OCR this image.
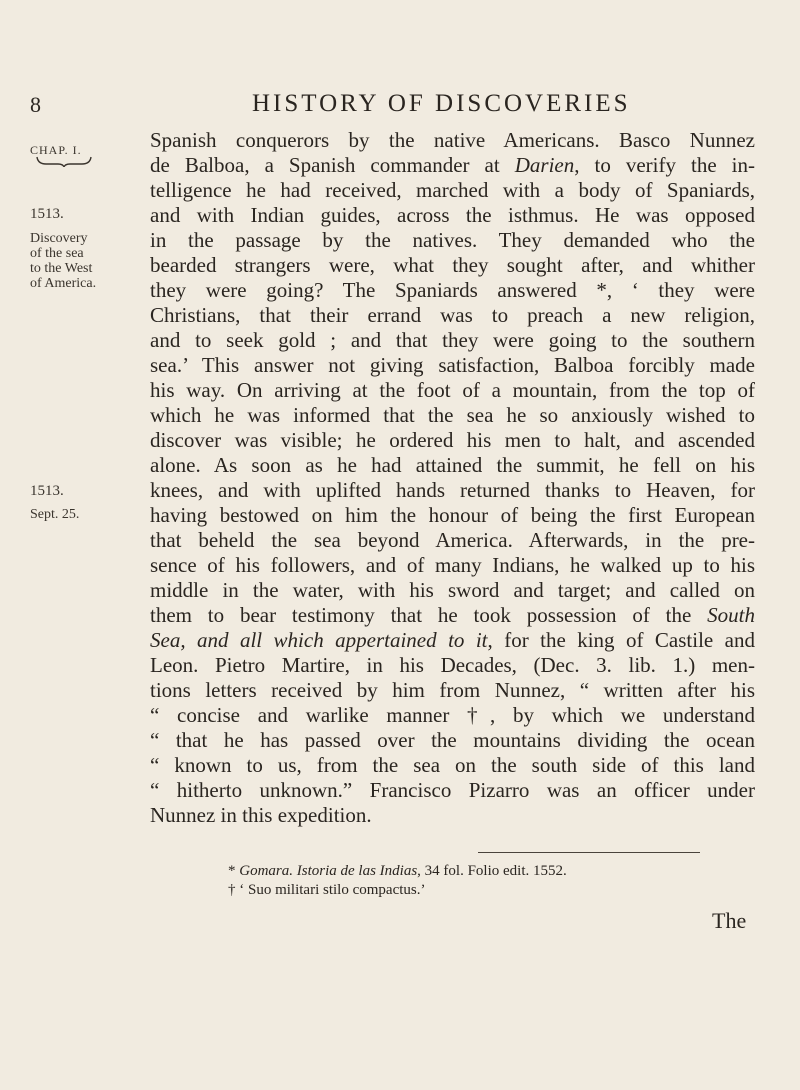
8	HISTORY OF DISCOVERIES
CHAP. I.
1513.
Discovery
of the sea
to the West
of America.
1513.
Sept. 25.

Spanish conquerors by the native Americans. Basco Nunnez
de Balboa, a Spanish commander at Darien, to verify the in-
telligence he had received, marched with a body of Spaniards,
and with Indian guides, across the isthmus. He was opposed
in the passage by the natives. They demanded who the
bearded strangers were, what they sought after, and whither
they were going? The Spaniards answered *, ‘ they were
Christians, that their errand was to preach a new religion,
and to seek gold ; and that they were going to the southern
sea.’ This answer not giving satisfaction, Balboa forcibly made
his way. On arriving at the foot of a mountain, from the top of
which he was informed that the sea he so anxiously wished to
discover was visible; he ordered his men to halt, and ascended
alone. As soon as he had attained the summit, he fell on his
knees, and with uplifted hands returned thanks to Heaven, for
having bestowed on him the honour of being the first European
that beheld the sea beyond America. Afterwards, in the pre-
sence of his followers, and of many Indians, he walked up to his
middle in the water, with his sword and target; and called on
them to bear testimony that he took possession of the South
Sea, and all which appertained to it, for the king of Castile and
Leon. Pietro Martire, in his Decades, (Dec. 3. lib. 1.) men-
tions letters received by him from Nunnez, “ written after his
“ concise and warlike manner †, by which we understand
“ that he has passed over the mountains dividing the ocean
“ known to us, from the sea on the south side of this land
“ hitherto unknown.” Francisco Pizarro was an officer under
Nunnez in this expedition.

* Gomara. Istoria de las Indias, 34 fol. Folio edit. 1552.
† ‘ Suo militari stilo compactus.’
The
